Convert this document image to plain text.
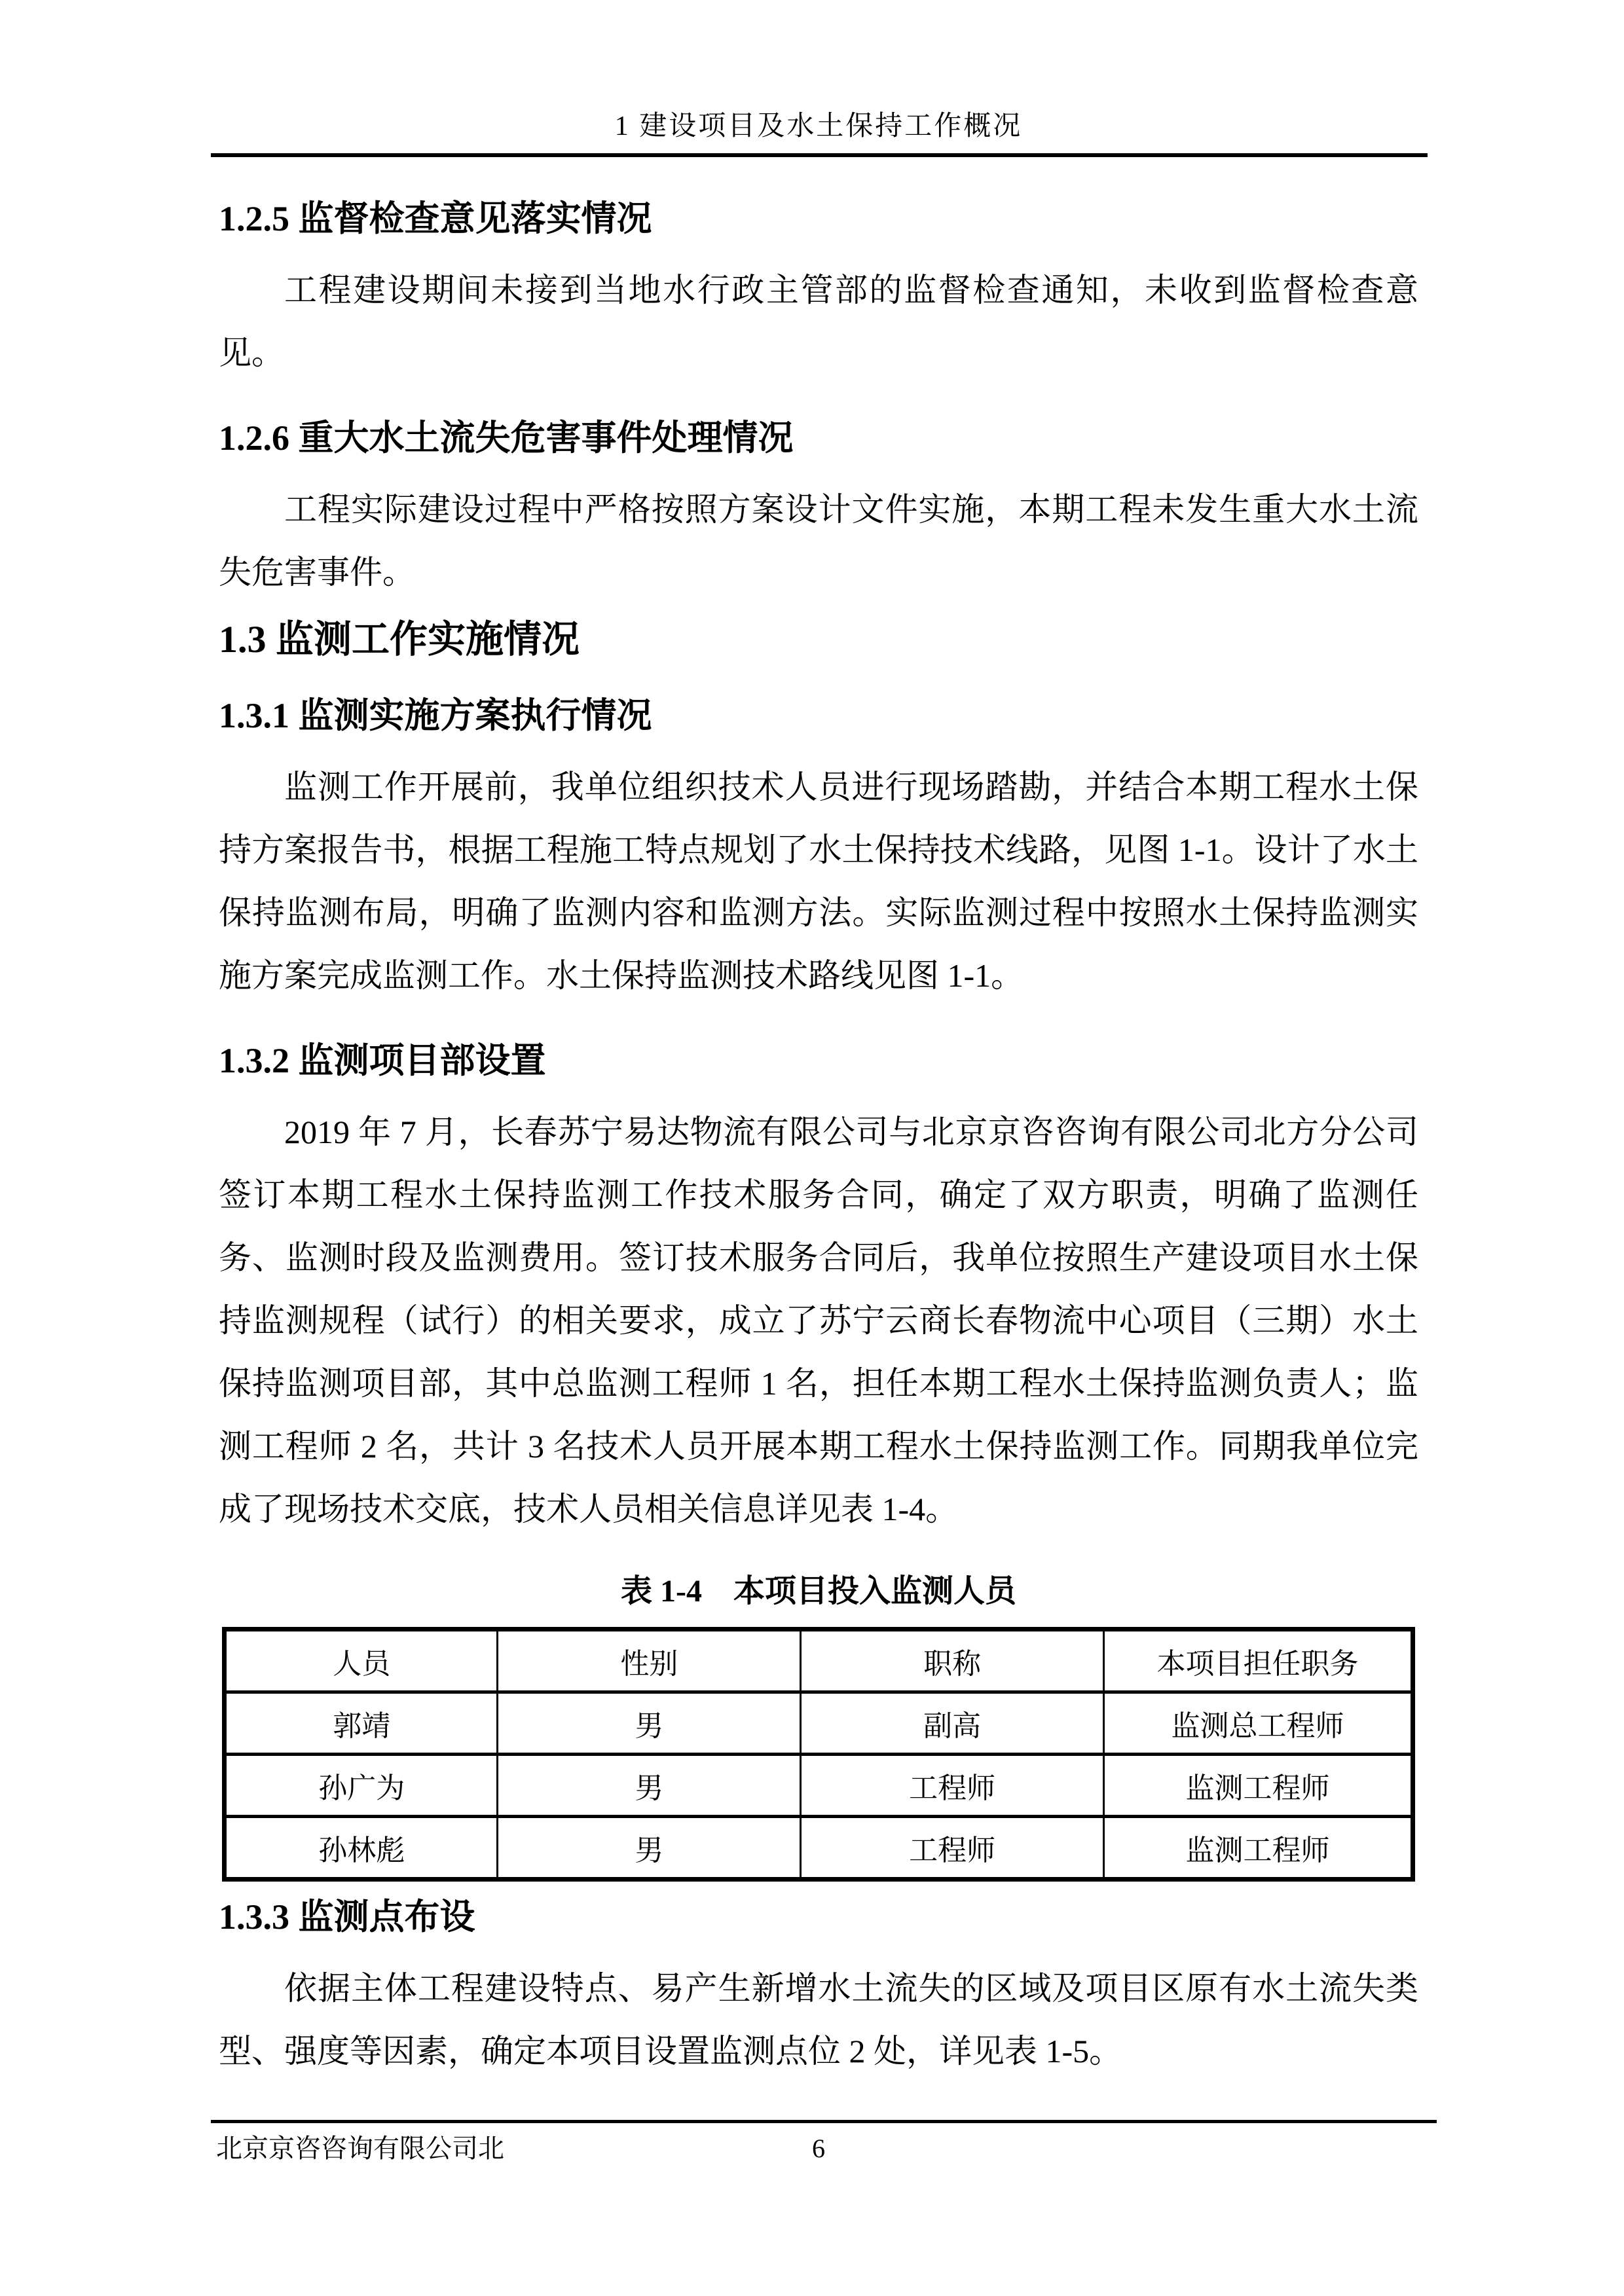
1 建设项目及水土保持工作概况
1.2.5 监督检查意见落实情况

工程建设期间未接到当地水行政主管部的监督检查通知，未收到监督检查意见。

1.2.6 重大水土流失危害事件处理情况

工程实际建设过程中严格按照方案设计文件实施，本期工程未发生重大水土流失危害事件。

1.3 监测工作实施情况
1.3.1 监测实施方案执行情况

监测工作开展前，我单位组织技术人员进行现场踏勘，并结合本期工程水土保持方案报告书，根据工程施工特点规划了水土保持技术线路，见图 1-1。设计了水土保持监测布局，明确了监测内容和监测方法。实际监测过程中按照水土保持监测实施方案完成监测工作。水土保持监测技术路线见图 1-1。

1.3.2 监测项目部设置

2019 年 7 月，长春苏宁易达物流有限公司与北京京咨咨询有限公司北方分公司签订本期工程水土保持监测工作技术服务合同，确定了双方职责，明确了监测任务、监测时段及监测费用。签订技术服务合同后，我单位按照生产建设项目水土保持监测规程（试行）的相关要求，成立了苏宁云商长春物流中心项目（三期）水土保持监测项目部，其中总监测工程师 1 名，担任本期工程水土保持监测负责人；监测工程师 2 名，共计 3 名技术人员开展本期工程水土保持监测工作。同期我单位完成了现场技术交底，技术人员相关信息详见表 1-4。

表 1-4　本项目投入监测人员
人员	性别	职称	本项目担任职务
郭靖	男	副高	监测总工程师
孙广为	男	工程师	监测工程师
孙林彪	男	工程师	监测工程师
1.3.3 监测点布设

依据主体工程建设特点、易产生新增水土流失的区域及项目区原有水土流失类型、强度等因素，确定本项目设置监测点位 2 处，详见表 1-5。

北京京咨咨询有限公司北	6
